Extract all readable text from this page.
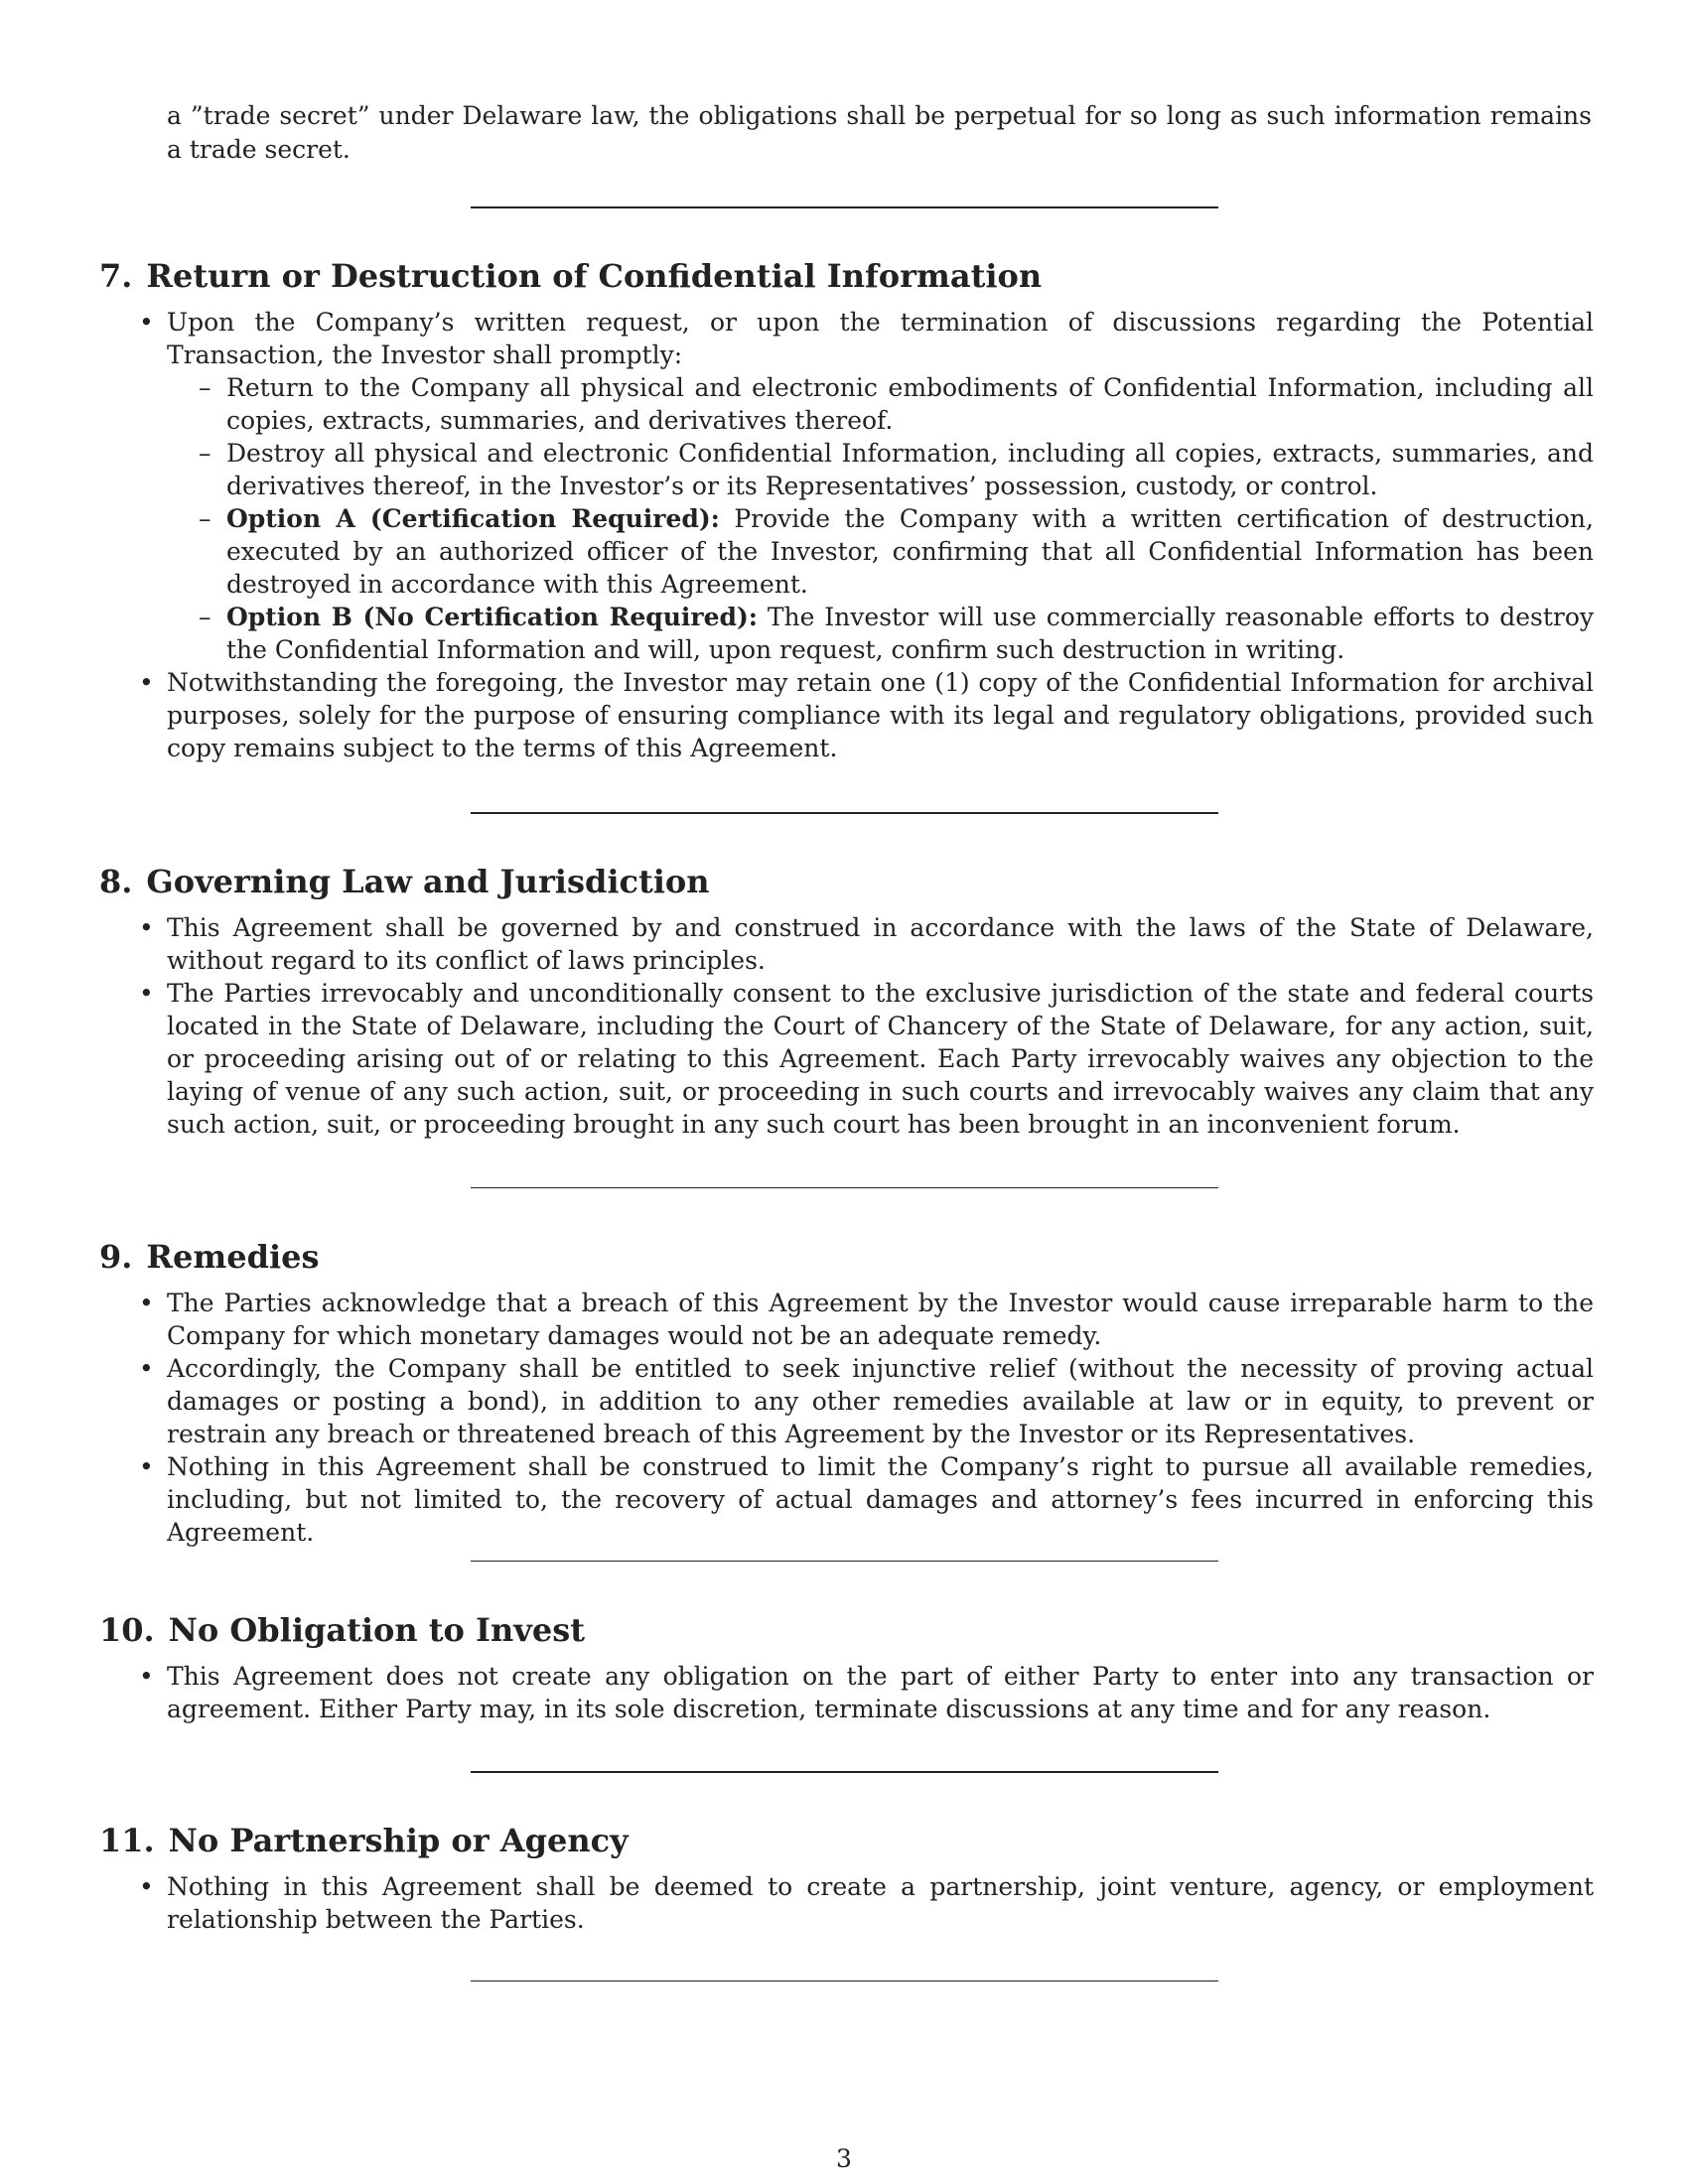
a ”trade secret” under Delaware law, the obligations shall be perpetual for so long as such information remains a trade secret.

7. Return or Destruction of Confidential Information
• Upon the Company’s written request, or upon the termination of discussions regarding the Potential Transaction, the Investor shall promptly:
– Return to the Company all physical and electronic embodiments of Confidential Information, including all copies, extracts, summaries, and derivatives thereof.
– Destroy all physical and electronic Confidential Information, including all copies, extracts, summaries, and derivatives thereof, in the Investor’s or its Representatives’ possession, custody, or control.
– Option A (Certification Required): Provide the Company with a written certification of destruction, executed by an authorized officer of the Investor, confirming that all Confidential Information has been destroyed in accordance with this Agreement.
– Option B (No Certification Required): The Investor will use commercially reasonable efforts to destroy the Confidential Information and will, upon request, confirm such destruction in writing.
• Notwithstanding the foregoing, the Investor may retain one (1) copy of the Confidential Information for archival purposes, solely for the purpose of ensuring compliance with its legal and regulatory obligations, provided such copy remains subject to the terms of this Agreement.
8. Governing Law and Jurisdiction
• This Agreement shall be governed by and construed in accordance with the laws of the State of Delaware, without regard to its conflict of laws principles.
• The Parties irrevocably and unconditionally consent to the exclusive jurisdiction of the state and federal courts located in the State of Delaware, including the Court of Chancery of the State of Delaware, for any action, suit, or proceeding arising out of or relating to this Agreement. Each Party irrevocably waives any objection to the laying of venue of any such action, suit, or proceeding in such courts and irrevocably waives any claim that any such action, suit, or proceeding brought in any such court has been brought in an inconvenient forum.
9. Remedies
• The Parties acknowledge that a breach of this Agreement by the Investor would cause irreparable harm to the Company for which monetary damages would not be an adequate remedy.
• Accordingly, the Company shall be entitled to seek injunctive relief (without the necessity of proving actual damages or posting a bond), in addition to any other remedies available at law or in equity, to prevent or restrain any breach or threatened breach of this Agreement by the Investor or its Representatives.
• Nothing in this Agreement shall be construed to limit the Company’s right to pursue all available remedies, including, but not limited to, the recovery of actual damages and attorney’s fees incurred in enforcing this Agreement.
10. No Obligation to Invest
• This Agreement does not create any obligation on the part of either Party to enter into any transaction or agreement. Either Party may, in its sole discretion, terminate discussions at any time and for any reason.
11. No Partnership or Agency
• Nothing in this Agreement shall be deemed to create a partnership, joint venture, agency, or employment relationship between the Parties.
3
